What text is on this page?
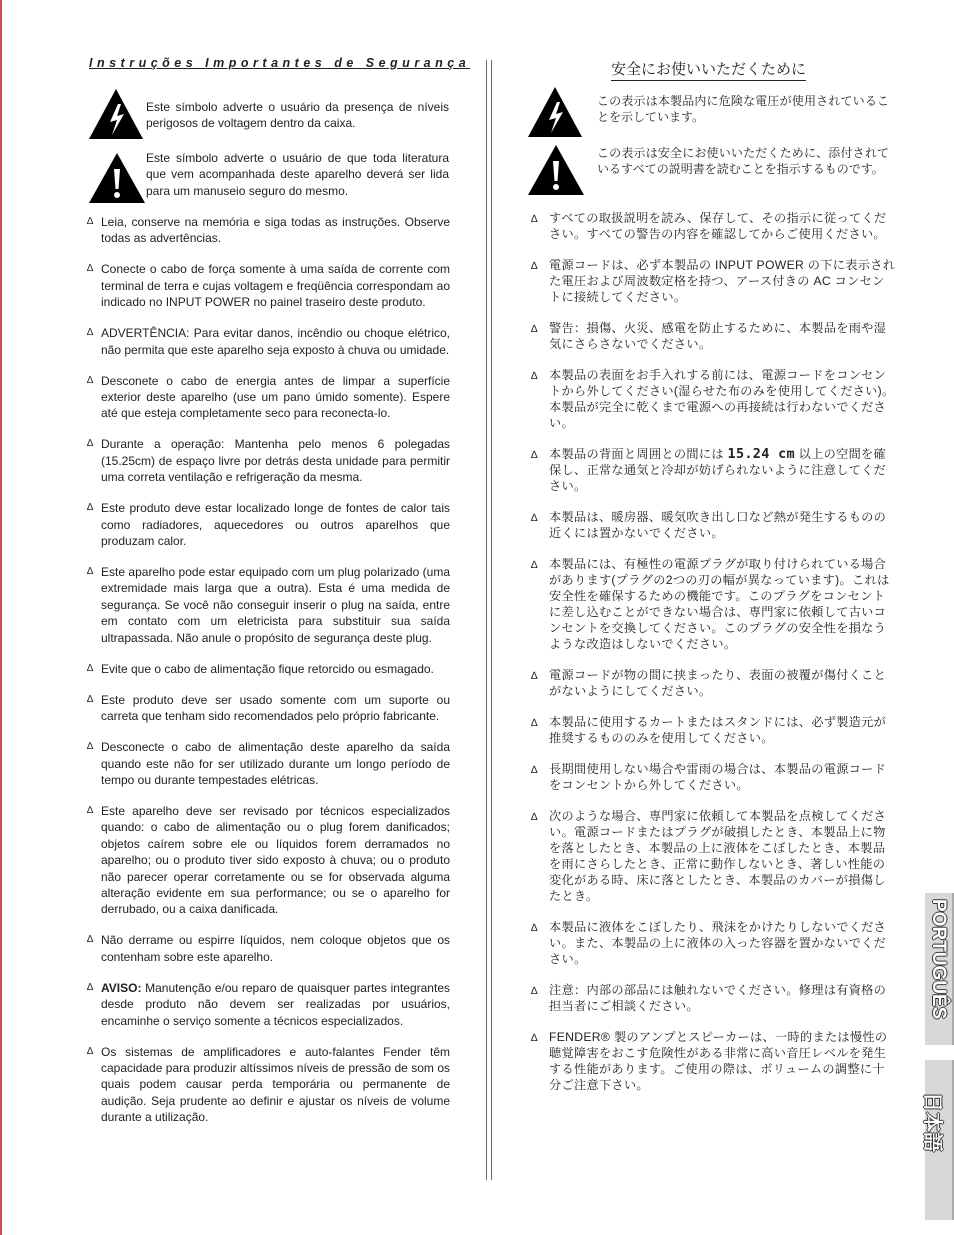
Instruções Importantes de Segurança
Este símbolo adverte o usuário da presença de níveis perigosos de voltagem dentro da caixa.
Este símbolo adverte o usuário de que toda literatura que vem acompanhada deste aparelho deverá ser lida para um manuseio seguro do mesmo.
∆ Leia, conserve na memória e siga todas as instruções. Observe todas as advertências.
∆ Conecte o cabo de força somente à uma saída de corrente com terminal de terra e cujas voltagem e freqüência correspondam ao indicado no INPUT POWER no painel traseiro deste produto.
∆ ADVERTÊNCIA: Para evitar danos, incêndio ou choque elétrico, não permita que este aparelho seja exposto à chuva ou umidade.
∆ Desconete o cabo de energia antes de limpar a superfície exterior deste aparelho (use um pano úmido somente). Espere até que esteja completamente seco para reconecta-lo.
∆ Durante a operação: Mantenha pelo menos 6 polegadas (15.25cm) de espaço livre por detrás desta unidade para permitir uma correta ventilação e refrigeração da mesma.
∆ Este produto deve estar localizado longe de fontes de calor tais como radiadores, aquecedores ou outros aparelhos que produzam calor.
∆ Este aparelho pode estar equipado com um plug polarizado (uma extremidade mais larga que a outra). Esta é uma medida de segurança. Se você não conseguir inserir o plug na saída, entre em contato com um eletricista para substituir sua saída ultrapassada. Não anule o propósito de segurança deste plug.
∆ Evite que o cabo de alimentação fique retorcido ou esmagado.
∆ Este produto deve ser usado somente com um suporte ou carreta que tenham sido recomendados pelo próprio fabricante.
∆ Desconecte o cabo de alimentação deste aparelho da saída quando este não for ser utilizado durante um longo período de tempo ou durante tempestades elétricas.
∆ Este aparelho deve ser revisado por técnicos especializados quando: o cabo de alimentação ou o plug forem danificados; objetos caírem sobre ele ou líquidos forem derramados no aparelho; ou o produto tiver sido exposto à chuva; ou o produto não parecer operar corretamente ou se for observada alguma alteração evidente em sua performance; ou se o aparelho for derrubado, ou a caixa danificada.
∆ Não derrame ou espirre líquidos, nem coloque objetos que os contenham sobre este aparelho.
∆ AVISO: Manutenção e/ou reparo de quaisquer partes integrantes desde produto não devem ser realizadas por usuários, encaminhe o serviço somente a técnicos especializados.
∆ Os sistemas de amplificadores e auto-falantes Fender têm capacidade para produzir altíssimos níveis de pressão de som os quais podem causar perda temporária ou permanente de audição. Seja prudente ao definir e ajustar os níveis de volume durante a utilização.
安全にお使いいただくために
この表示は本製品内に危険な電圧が使用されていることを示しています。
この表示は安全にお使いいただくために、添付されているすべての説明書を読むことを指示するものです。
∆ すべての取扱説明を読み、保存して、その指示に従ってください。すべての警告の内容を確認してからご使用ください。
∆ 電源コードは、必ず本製品の INPUT POWER の下に表示された電圧および周波数定格を持つ、アース付きの AC コンセントに接続してください。
∆ 警告：損傷、火災、感電を防止するために、本製品を雨や湿気にさらさないでください。
∆ 本製品の表面をお手入れする前には、電源コードをコンセントから外してください(湿らせた布のみを使用してください)。本製品が完全に乾くまで電源への再接続は行わないでください。
∆ 本製品の背面と周囲との間には 15.24 cm 以上の空間を確保し、正常な通気と冷却が妨げられないように注意してください。
∆ 本製品は、暖房器、暖気吹き出し口など熱が発生するものの近くには置かないでください。
∆ 本製品には、有極性の電源プラグが取り付けられている場合があります(プラグの2つの刃の幅が異なっています)。これは安全性を確保するための機能です。このプラグをコンセントに差し込むことができない場合は、専門家に依頼して古いコンセントを交換してください。このプラグの安全性を損なうような改造はしないでください。
∆ 電源コードが物の間に挟まったり、表面の被覆が傷付くことがないようにしてください。
∆ 本製品に使用するカートまたはスタンドには、必ず製造元が推奨するもののみを使用してください。
∆ 長期間使用しない場合や雷雨の場合は、本製品の電源コードをコンセントから外してください。
∆ 次のような場合、専門家に依頼して本製品を点検してください。電源コードまたはプラグが破損したとき、本製品上に物を落としたとき、本製品の上に液体をこぼしたとき、本製品を雨にさらしたとき、正常に動作しないとき、著しい性能の変化がある時、床に落としたとき、本製品のカバーが損傷したとき。
∆ 本製品に液体をこぼしたり、飛沫をかけたりしないでください。また、本製品の上に液体の入った容器を置かないでください。
∆ 注意：内部の部品には触れないでください。修理は有資格の担当者にご相談ください。
∆ FENDER® 製のアンプとスピーカーは、一時的または慢性の聴覚障害をおこす危険性がある非常に高い音圧レベルを発生する性能があります。ご使用の際は、ボリュームの調整に十分ご注意下さい。
PORTUGUÊS
日本語
